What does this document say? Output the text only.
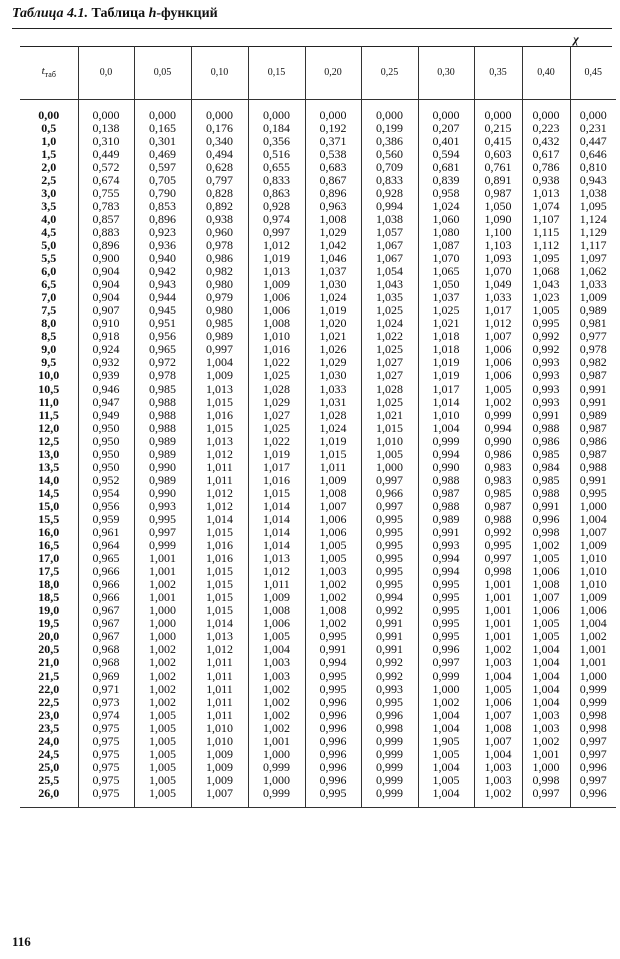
Таблица 4.1. Таблица h-функций
χ
$t_{таб}$	0,0	0,05	0,10	0,15	0,20	0,25	0,30	0,35	0,40	0,45

0,00	0,000	0,000	0,000	0,000	0,000	0,000	0,000	0,000	0,000	0,000
0,5	0,138	0,165	0,176	0,184	0,192	0,199	0,207	0,215	0,223	0,231
1,0	0,310	0,301	0,340	0,356	0,371	0,386	0,401	0,415	0,432	0,447
1,5	0,449	0,469	0,494	0,516	0,538	0,560	0,594	0,603	0,617	0,646
2,0	0,572	0,597	0,628	0,655	0,683	0,709	0,681	0,761	0,786	0,810
2,5	0,674	0,705	0,797	0,833	0,867	0,833	0,839	0,891	0,938	0,943
3,0	0,755	0,790	0,828	0,863	0,896	0,928	0,958	0,987	1,013	1,038
3,5	0,783	0,853	0,892	0,928	0,963	0,994	1,024	1,050	1,074	1,095
4,0	0,857	0,896	0,938	0,974	1,008	1,038	1,060	1,090	1,107	1,124
4,5	0,883	0,923	0,960	0,997	1,029	1,057	1,080	1,100	1,115	1,129
5,0	0,896	0,936	0,978	1,012	1,042	1,067	1,087	1,103	1,112	1,117
5,5	0,900	0,940	0,986	1,019	1,046	1,067	1,070	1,093	1,095	1,097
6,0	0,904	0,942	0,982	1,013	1,037	1,054	1,065	1,070	1,068	1,062
6,5	0,904	0,943	0,980	1,009	1,030	1,043	1,050	1,049	1,043	1,033
7,0	0,904	0,944	0,979	1,006	1,024	1,035	1,037	1,033	1,023	1,009
7,5	0,907	0,945	0,980	1,006	1,019	1,025	1,025	1,017	1,005	0,989
8,0	0,910	0,951	0,985	1,008	1,020	1,024	1,021	1,012	0,995	0,981
8,5	0,918	0,956	0,989	1,010	1,021	1,022	1,018	1,007	0,992	0,977
9,0	0,924	0,965	0,997	1,016	1,026	1,025	1,018	1,006	0,992	0,978
9,5	0,932	0,972	1,004	1,022	1,029	1,027	1,019	1,006	0,993	0,982
10,0	0,939	0,978	1,009	1,025	1,030	1,027	1,019	1,006	0,993	0,987
10,5	0,946	0,985	1,013	1,028	1,033	1,028	1,017	1,005	0,993	0,991
11,0	0,947	0,988	1,015	1,029	1,031	1,025	1,014	1,002	0,993	0,991
11,5	0,949	0,988	1,016	1,027	1,028	1,021	1,010	0,999	0,991	0,989
12,0	0,950	0,988	1,015	1,025	1,024	1,015	1,004	0,994	0,988	0,987
12,5	0,950	0,989	1,013	1,022	1,019	1,010	0,999	0,990	0,986	0,986
13,0	0,950	0,989	1,012	1,019	1,015	1,005	0,994	0,986	0,985	0,987
13,5	0,950	0,990	1,011	1,017	1,011	1,000	0,990	0,983	0,984	0,988
14,0	0,952	0,989	1,011	1,016	1,009	0,997	0,988	0,983	0,985	0,991
14,5	0,954	0,990	1,012	1,015	1,008	0,966	0,987	0,985	0,988	0,995
15,0	0,956	0,993	1,012	1,014	1,007	0,997	0,988	0,987	0,991	1,000
15,5	0,959	0,995	1,014	1,014	1,006	0,995	0,989	0,988	0,996	1,004
16,0	0,961	0,997	1,015	1,014	1,006	0,995	0,991	0,992	0,998	1,007
16,5	0,964	0,999	1,016	1,014	1,005	0,995	0,993	0,995	1,002	1,009
17,0	0,965	1,001	1,016	1,013	1,005	0,995	0,994	0,997	1,005	1,010
17,5	0,966	1,001	1,015	1,012	1,003	0,995	0,994	0,998	1,006	1,010
18,0	0,966	1,002	1,015	1,011	1,002	0,995	0,995	1,001	1,008	1,010
18,5	0,966	1,001	1,015	1,009	1,002	0,994	0,995	1,001	1,007	1,009
19,0	0,967	1,000	1,015	1,008	1,008	0,992	0,995	1,001	1,006	1,006
19,5	0,967	1,000	1,014	1,006	1,002	0,991	0,995	1,001	1,005	1,004
20,0	0,967	1,000	1,013	1,005	0,995	0,991	0,995	1,001	1,005	1,002
20,5	0,968	1,002	1,012	1,004	0,991	0,991	0,996	1,002	1,004	1,001
21,0	0,968	1,002	1,011	1,003	0,994	0,992	0,997	1,003	1,004	1,001
21,5	0,969	1,002	1,011	1,003	0,995	0,992	0,999	1,004	1,004	1,000
22,0	0,971	1,002	1,011	1,002	0,995	0,993	1,000	1,005	1,004	0,999
22,5	0,973	1,002	1,011	1,002	0,996	0,995	1,002	1,006	1,004	0,999
23,0	0,974	1,005	1,011	1,002	0,996	0,996	1,004	1,007	1,003	0,998
23,5	0,975	1,005	1,010	1,002	0,996	0,998	1,004	1,008	1,003	0,998
24,0	0,975	1,005	1,010	1,001	0,996	0,999	1,905	1,007	1,002	0,997
24,5	0,975	1,005	1,009	1,000	0,996	0,999	1,005	1,004	1,001	0,997
25,0	0,975	1,005	1,009	0,999	0,996	0,999	1,004	1,003	1,000	0,996
25,5	0,975	1,005	1,009	1,000	0,996	0,999	1,005	1,003	0,998	0,997
26,0	0,975	1,005	1,007	0,999	0,995	0,999	1,004	1,002	0,997	0,996

116
